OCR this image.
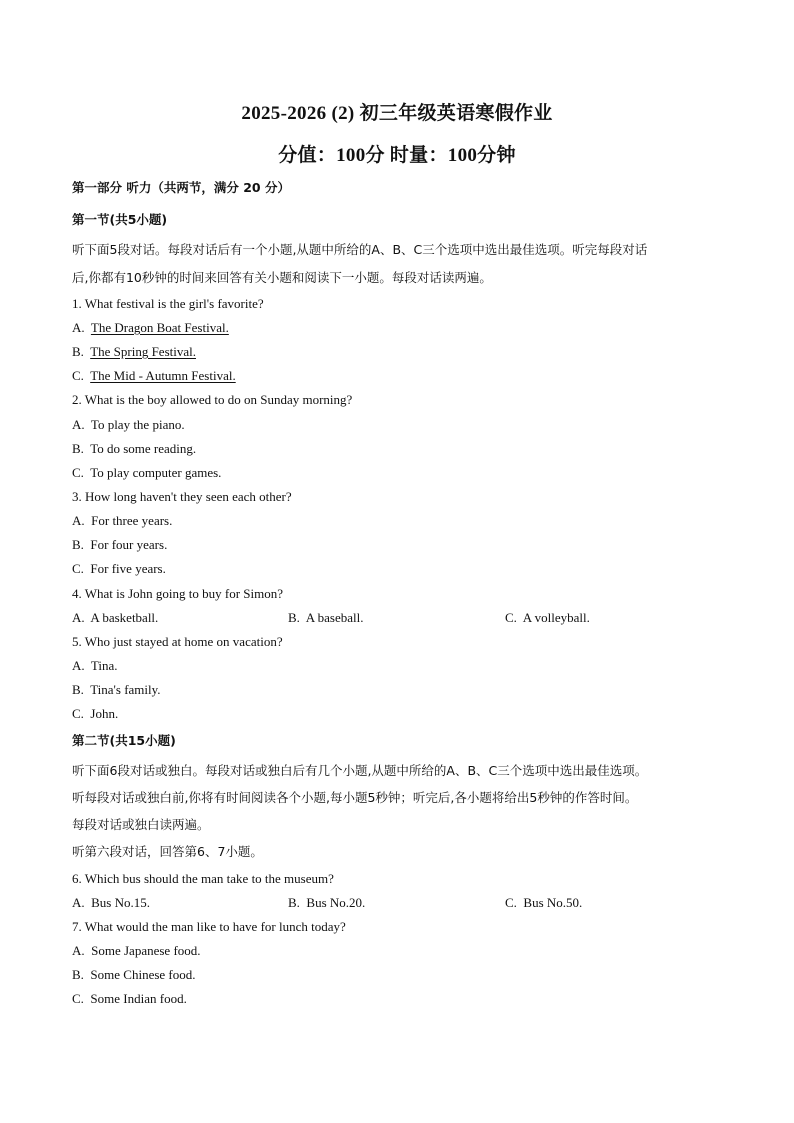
2025-2026 (2) 初三年级英语寒假作业
分值：100分 时量：100分钟
第一部分 听力（共两节，满分 20 分）
第一节(共5小题)
听下面5段对话。每段对话后有一个小题,从题中所给的A、B、C三个选项中选出最佳选项。听完每段对话
后,你都有10秒钟的时间来回答有关小题和阅读下一小题。每段对话读两遍。
1. What festival is the girl's favorite?
A.  The Dragon Boat Festival.
B.  The Spring Festival.
C.  The Mid - Autumn Festival.
2. What is the boy allowed to do on Sunday morning?
A.  To play the piano.
B.  To do some reading.
C.  To play computer games.
3. How long haven't they seen each other?
A.  For three years.
B.  For four years.
C.  For five years.
4. What is John going to buy for Simon?
A.  A basketball.	B.  A baseball.	C.  A volleyball.
5. Who just stayed at home on vacation?
A.  Tina.
B.  Tina's family.
C.  John.
第二节(共15小题)
听下面6段对话或独白。每段对话或独白后有几个小题,从题中所给的A、B、C三个选项中选出最佳选项。
听每段对话或独白前,你将有时间阅读各个小题,每小题5秒钟；听完后,各小题将给出5秒钟的作答时间。
每段对话或独白读两遍。
听第六段对话，回答第6、7小题。
6. Which bus should the man take to the museum?
A.  Bus No.15.	B.  Bus No.20.	C.  Bus No.50.
7. What would the man like to have for lunch today?
A.  Some Japanese food.
B.  Some Chinese food.
C.  Some Indian food.
